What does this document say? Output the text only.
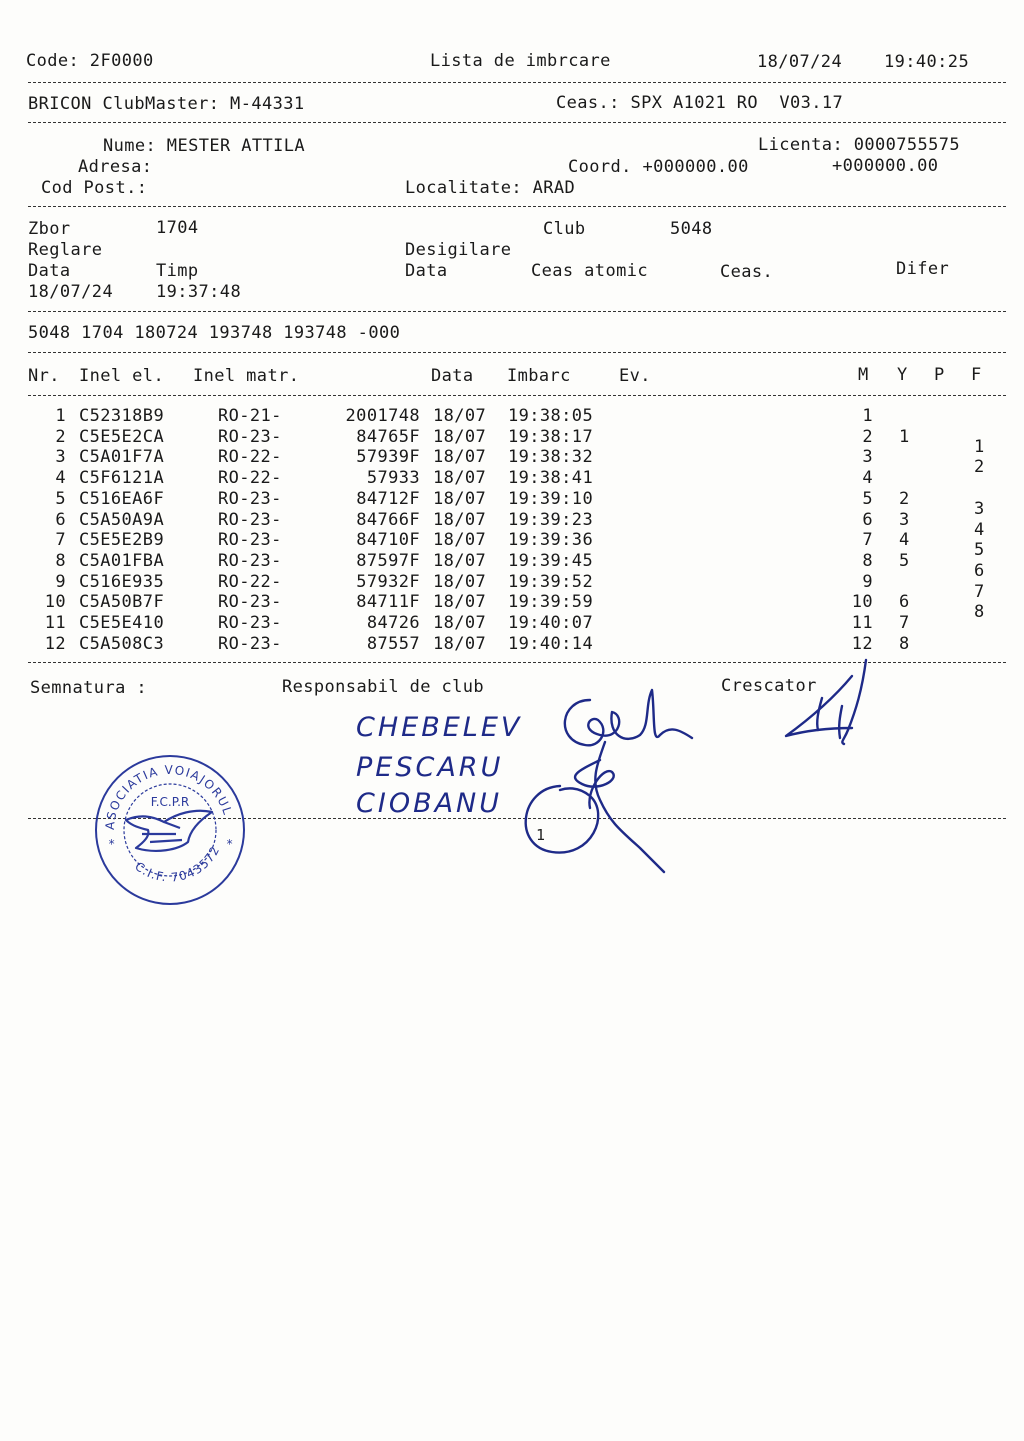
Code: 2F0000	Lista de imbrcare	18/07/24 19:40:25
BRICON ClubMaster: M-44331	Ceas.: SPX A1021 RO  V03.17
Nume: MESTER ATTILA	Licenta: 0000755575
Adresa:	Coord. +000000.00	+000000.00
Cod Post.:	Localitate: ARAD
Zbor	1704	Club	5048
Reglare	Desigilare
Data	Timp	Data	Ceas atomic	Ceas.	Difer
18/07/24	19:37:48
5048 1704 180724 193748 193748 -000
Nr. Inel el. Inel matr.	Data Imbarc	Ev.	M Y P F
1 C52318B9	RO-21-	2001748 18/07 19:38:05	1
2 C5E5E2CA	RO-23-	84765F 18/07 19:38:17	2 1	1
3 C5A01F7A	RO-22-	57939F 18/07 19:38:32	3	2
4 C5F6121A	RO-22-	57933 18/07 19:38:41	4
5 C516EA6F	RO-23-	84712F 18/07 19:39:10	5 2	3
6 C5A50A9A	RO-23-	84766F 18/07 19:39:23	6 3	4
7 C5E5E2B9	RO-23-	84710F 18/07 19:39:36	7 4	5
8 C5A01FBA	RO-23-	87597F 18/07 19:39:45	8 5	6
9 C516E935	RO-22-	57932F 18/07 19:39:52	9	7
10 C5A50B7F	RO-23-	84711F 18/07 19:39:59	10 6	8
11 C5E5E410	RO-23-	84726 18/07 19:40:07	11 7
12 C5A508C3	RO-23-	87557 18/07 19:40:14	12 8
Semnatura :	Responsabil de club	Crescator
CHEBELEV
PESCARU
CIOBANU
1
ASOCIATIA VOIAJORUL
F.C.P.R
*	*
C.I.F. 7043572
